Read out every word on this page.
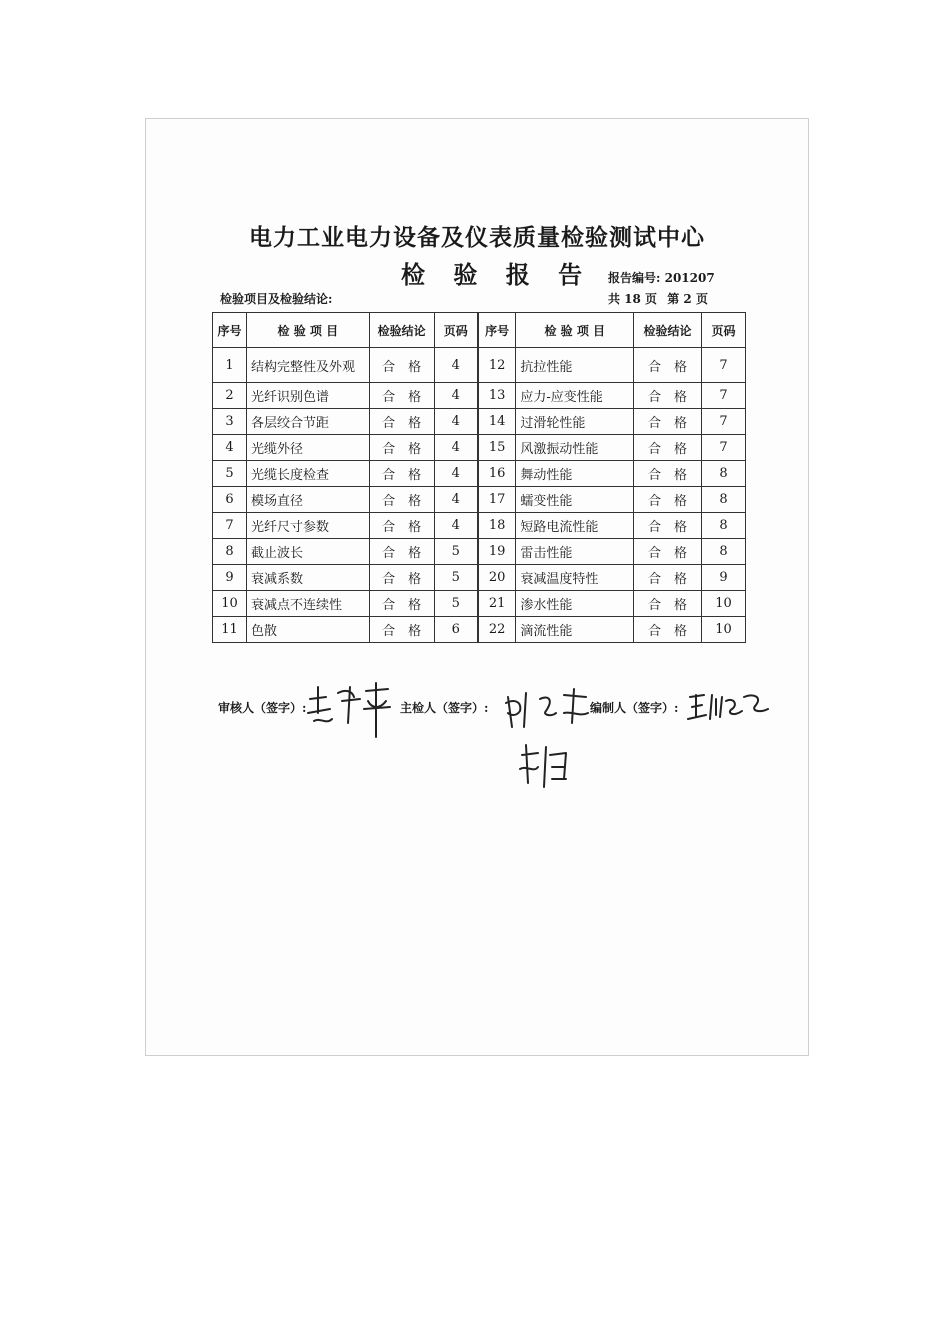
电力工业电力设备及仪表质量检验测试中心
检 验 报 告 报告编号: 201207
检验项目及检验结论:	共 18 页 第 2 页
序号	检 验 项 目	检验结论	页码	序号	检 验 项 目	检验结论	页码
1	结构完整性及外观	合　格	4	12	抗拉性能	合　格	7
2	光纤识别色谱	合　格	4	13	应力-应变性能	合　格	7
3	各层绞合节距	合　格	4	14	过滑轮性能	合　格	7
4	光缆外径	合　格	4	15	风激振动性能	合　格	7
5	光缆长度检查	合　格	4	16	舞动性能	合　格	8
6	模场直径	合　格	4	17	蠕变性能	合　格	8
7	光纤尺寸参数	合　格	4	18	短路电流性能	合　格	8
8	截止波长	合　格	5	19	雷击性能	合　格	8
9	衰减系数	合　格	5	20	衰减温度特性	合　格	9
10	衰减点不连续性	合　格	5	21	渗水性能	合　格	10
11	色散	合　格	6	22	滴流性能	合　格	10
审核人（签字）:	主检人（签字）:	编制人（签字）:
